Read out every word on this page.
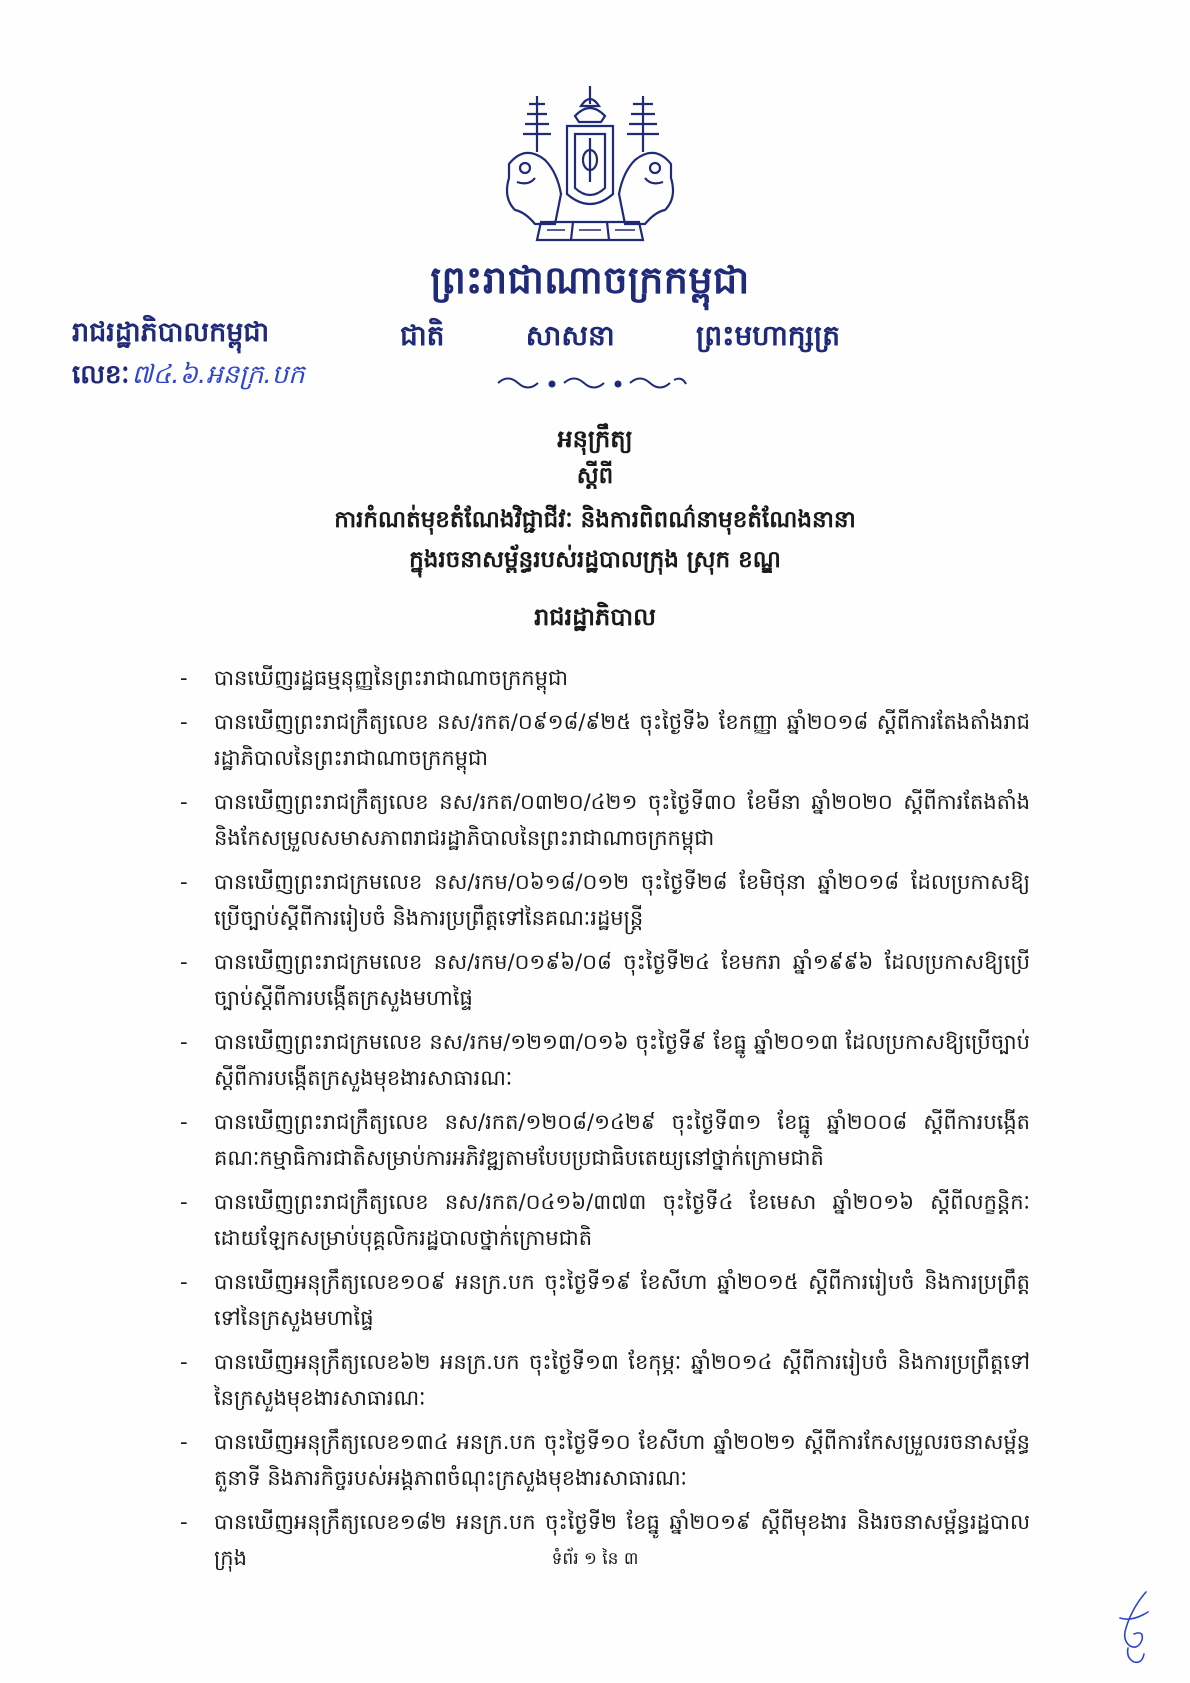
ព្រះរាជាណាចក្រកម្ពុជា
រាជរដ្ឋាភិបាលកម្ពុជា
លេខៈ៧៤.៦.អនក្រ.បក
ជាតិ	សាសនា	ព្រះមហាក្សត្រ
អនុក្រឹត្យ
ស្តីពី
ការកំណត់មុខតំណែងវិជ្ជាជីវៈ និងការពិពណ៌នាមុខតំណែងនានា
ក្នុងរចនាសម្ព័ន្ធរបស់រដ្ឋបាលក្រុង ស្រុក ខណ្ឌ
រាជរដ្ឋាភិបាល
- បានឃើញរដ្ឋធម្មនុញ្ញនៃព្រះរាជាណាចក្រកម្ពុជា
- បានឃើញព្រះរាជក្រឹត្យលេខ នស/រកត/០៩១៨/៩២៥ ចុះថ្ងៃទី៦ ខែកញ្ញា ឆ្នាំ២០១៨ ស្តីពីការតែងតាំងរាជរដ្ឋាភិបាលនៃព្រះរាជាណាចក្រកម្ពុជា
- បានឃើញព្រះរាជក្រឹត្យលេខ នស/រកត/០៣២០/៤២១ ចុះថ្ងៃទី៣០ ខែមីនា ឆ្នាំ២០២០ ស្តីពីការតែងតាំងនិងកែសម្រួលសមាសភាពរាជរដ្ឋាភិបាលនៃព្រះរាជាណាចក្រកម្ពុជា
- បានឃើញព្រះរាជក្រមលេខ នស/រកម/០៦១៨/០១២ ចុះថ្ងៃទី២៨ ខែមិថុនា ឆ្នាំ២០១៨ ដែលប្រកាសឱ្យប្រើច្បាប់ស្តីពីការរៀបចំ និងការប្រព្រឹត្តទៅនៃគណៈរដ្ឋមន្ត្រី
- បានឃើញព្រះរាជក្រមលេខ នស/រកម/០១៩៦/០៨ ចុះថ្ងៃទី២៤ ខែមករា ឆ្នាំ១៩៩៦ ដែលប្រកាសឱ្យប្រើច្បាប់ស្តីពីការបង្កើតក្រសួងមហាផ្ទៃ
- បានឃើញព្រះរាជក្រមលេខ នស/រកម/១២១៣/០១៦ ចុះថ្ងៃទី៩ ខែធ្នូ ឆ្នាំ២០១៣ ដែលប្រកាសឱ្យប្រើច្បាប់ស្តីពីការបង្កើតក្រសួងមុខងារសាធារណៈ
- បានឃើញព្រះរាជក្រឹត្យលេខ នស/រកត/១២០៨/១៤២៩ ចុះថ្ងៃទី៣១ ខែធ្នូ ឆ្នាំ២០០៨ ស្តីពីការបង្កើតគណៈកម្មាធិការជាតិសម្រាប់ការអភិវឌ្ឍតាមបែបប្រជាធិបតេយ្យនៅថ្នាក់ក្រោមជាតិ
- បានឃើញព្រះរាជក្រឹត្យលេខ នស/រកត/០៤១៦/៣៧៣ ចុះថ្ងៃទី៤ ខែមេសា ឆ្នាំ២០១៦ ស្តីពីលក្ខន្តិកៈដោយឡែកសម្រាប់បុគ្គលិករដ្ឋបាលថ្នាក់ក្រោមជាតិ
- បានឃើញអនុក្រឹត្យលេខ១០៩ អនក្រ.បក ចុះថ្ងៃទី១៩ ខែសីហា ឆ្នាំ២០១៥ ស្តីពីការរៀបចំ និងការប្រព្រឹត្តទៅនៃក្រសួងមហាផ្ទៃ
- បានឃើញអនុក្រឹត្យលេខ៦២ អនក្រ.បក ចុះថ្ងៃទី១៣ ខែកុម្ភៈ ឆ្នាំ២០១៤ ស្តីពីការរៀបចំ និងការប្រព្រឹត្តទៅនៃក្រសួងមុខងារសាធារណៈ
- បានឃើញអនុក្រឹត្យលេខ១៣៤ អនក្រ.បក ចុះថ្ងៃទី១០ ខែសីហា ឆ្នាំ២០២១ ស្តីពីការកែសម្រួលរចនាសម្ព័ន្ធ តួនាទី និងភារកិច្ចរបស់អង្គភាពចំណុះក្រសួងមុខងារសាធារណៈ
- បានឃើញអនុក្រឹត្យលេខ១៨២ អនក្រ.បក ចុះថ្ងៃទី២ ខែធ្នូ ឆ្នាំ២០១៩ ស្តីពីមុខងារ និងរចនាសម្ព័ន្ធរដ្ឋបាលក្រុង	ទំព័រ ១ នៃ ៣
